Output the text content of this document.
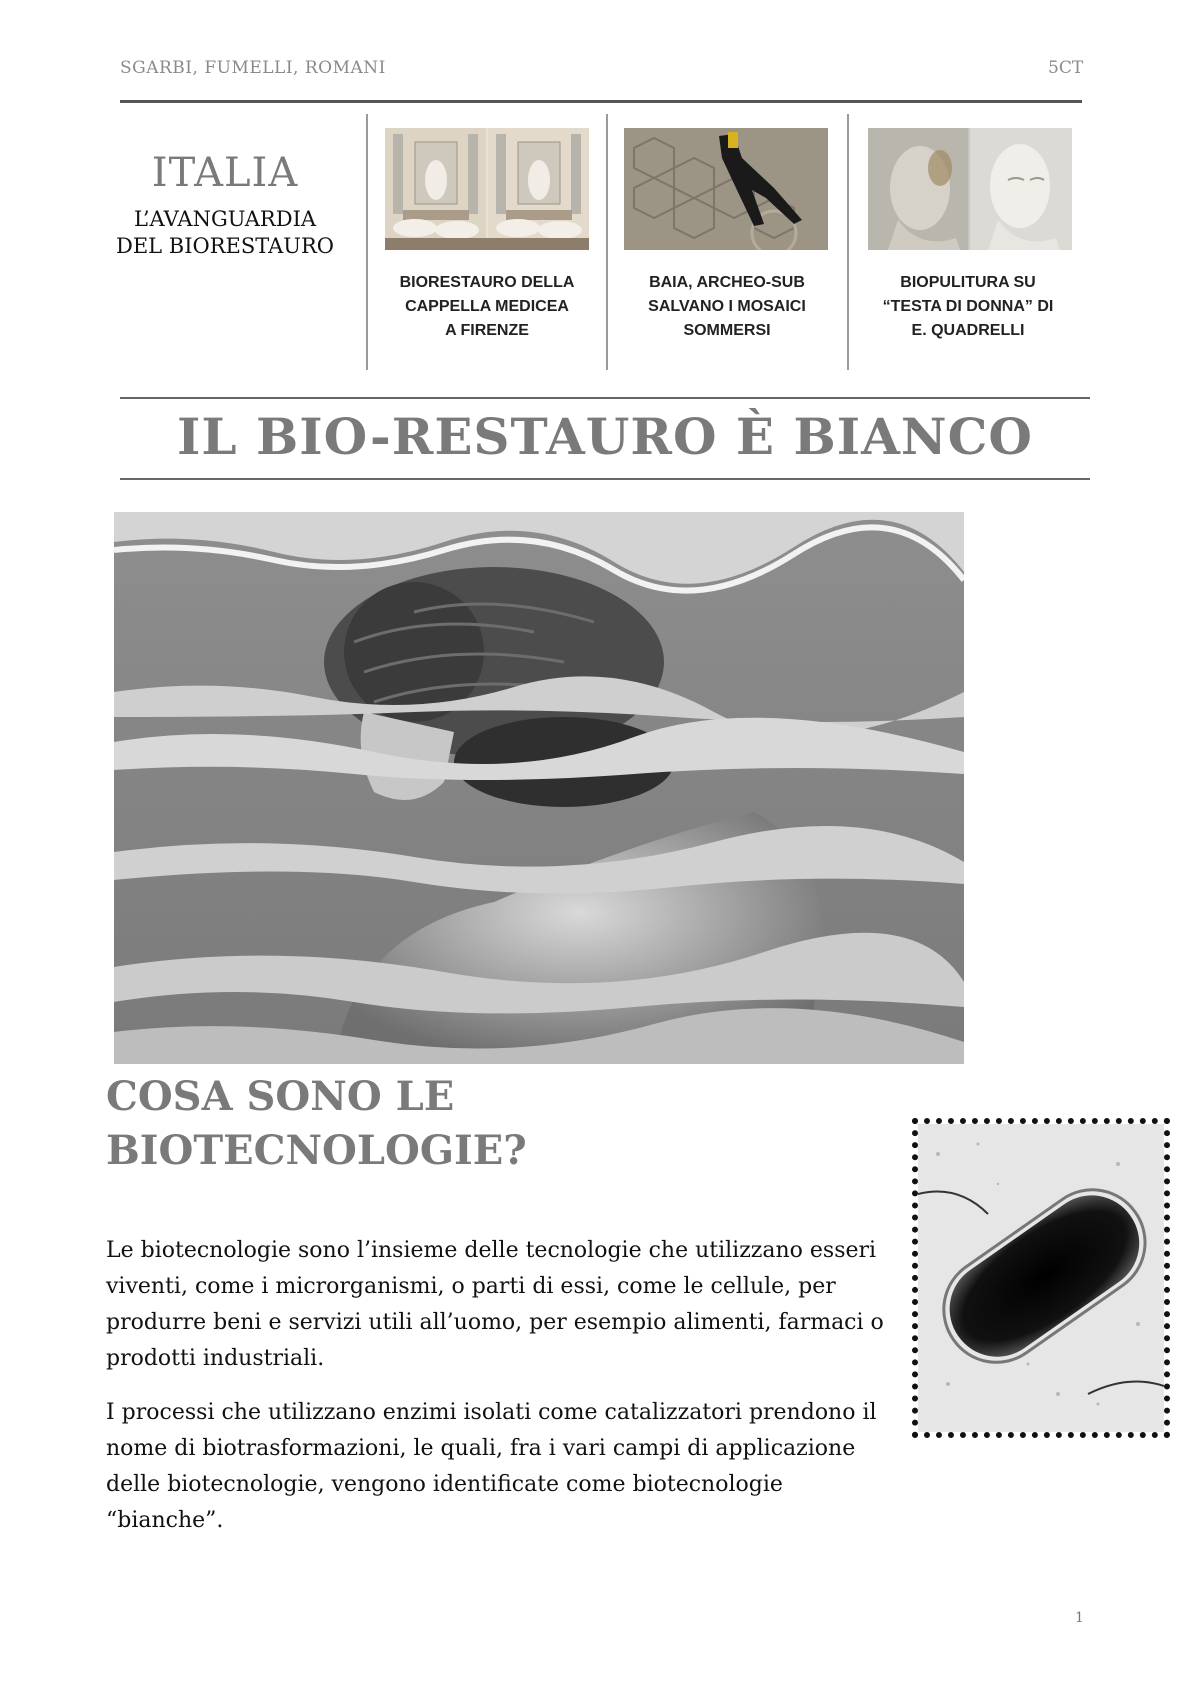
SGARBI, FUMELLI, ROMANI	5CT
ITALIA
L’AVANGUARDIA
DEL BIORESTAURO
BIORESTAURO DELLA
CAPPELLA MEDICEA
A FIRENZE
BAIA, ARCHEO-SUB
SALVANO I MOSAICI
SOMMERSI
BIOPULITURA SU
“TESTA DI DONNA” DI
E. QUADRELLI
IL BIO-RESTAURO È BIANCO
COSA SONO LE
BIOTECNOLOGIE?

Le biotecnologie sono l’insieme delle tecnologie che utilizzano esseri viventi, come i microrganismi, o parti di essi, come le cellule, per produrre beni e servizi utili all’uomo, per esempio alimenti, farmaci o prodotti industriali.

I processi che utilizzano enzimi isolati come catalizzatori prendono il nome di biotrasformazioni, le quali, fra i vari campi di applicazione delle biotecnologie, vengono identificate come biotecnologie “bianche”.

1
